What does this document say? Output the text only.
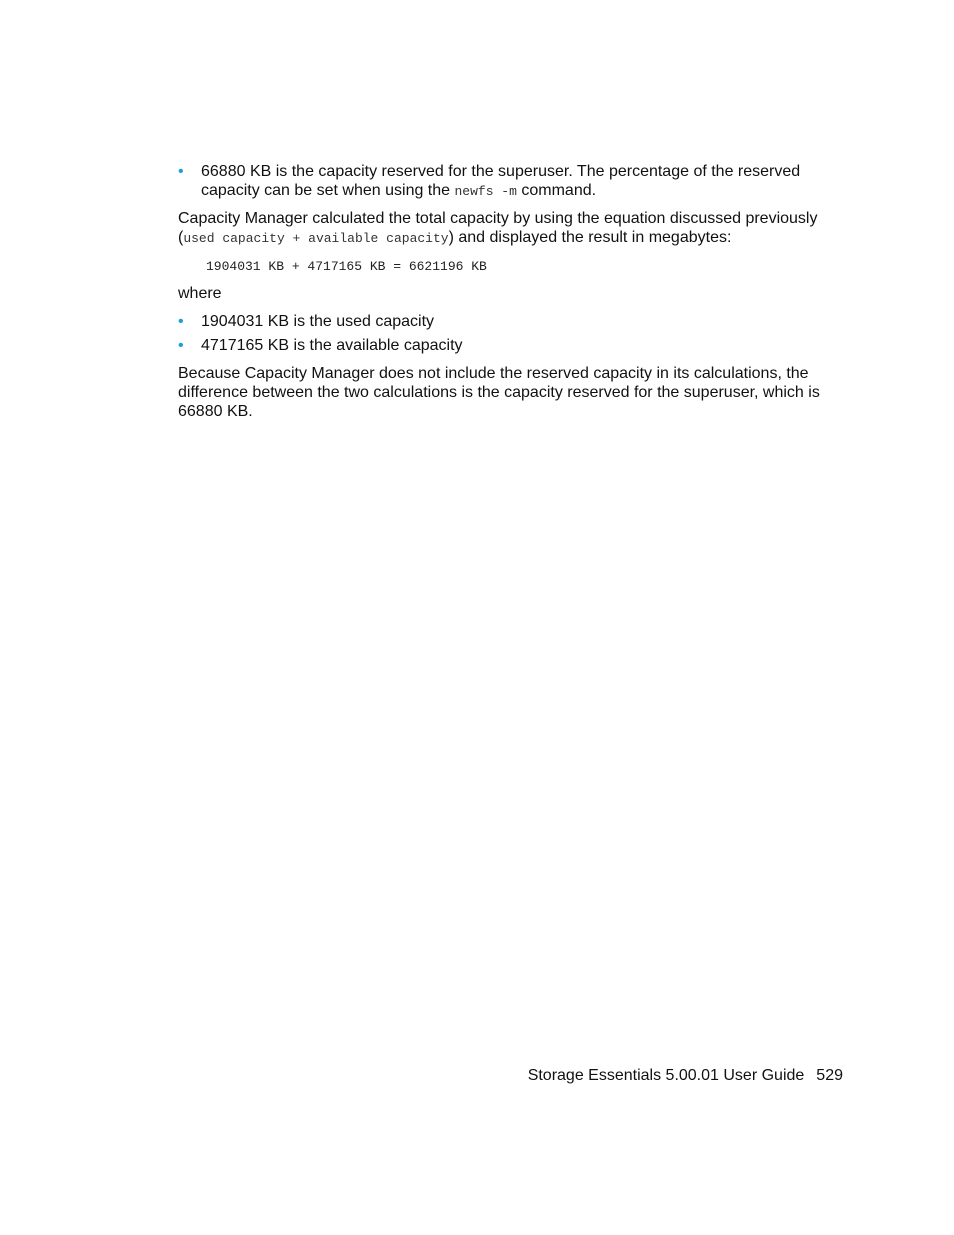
• 66880 KB is the capacity reserved for the superuser. The percentage of the reserved capacity can be set when using the newfs -m command.

Capacity Manager calculated the total capacity by using the equation discussed previously (used capacity + available capacity) and displayed the result in megabytes:

1904031 KB + 4717165 KB = 6621196 KB

where

• 1904031 KB is the used capacity
• 4717165 KB is the available capacity

Because Capacity Manager does not include the reserved capacity in its calculations, the difference between the two calculations is the capacity reserved for the superuser, which is 66880 KB.

Storage Essentials 5.00.01 User Guide 529
